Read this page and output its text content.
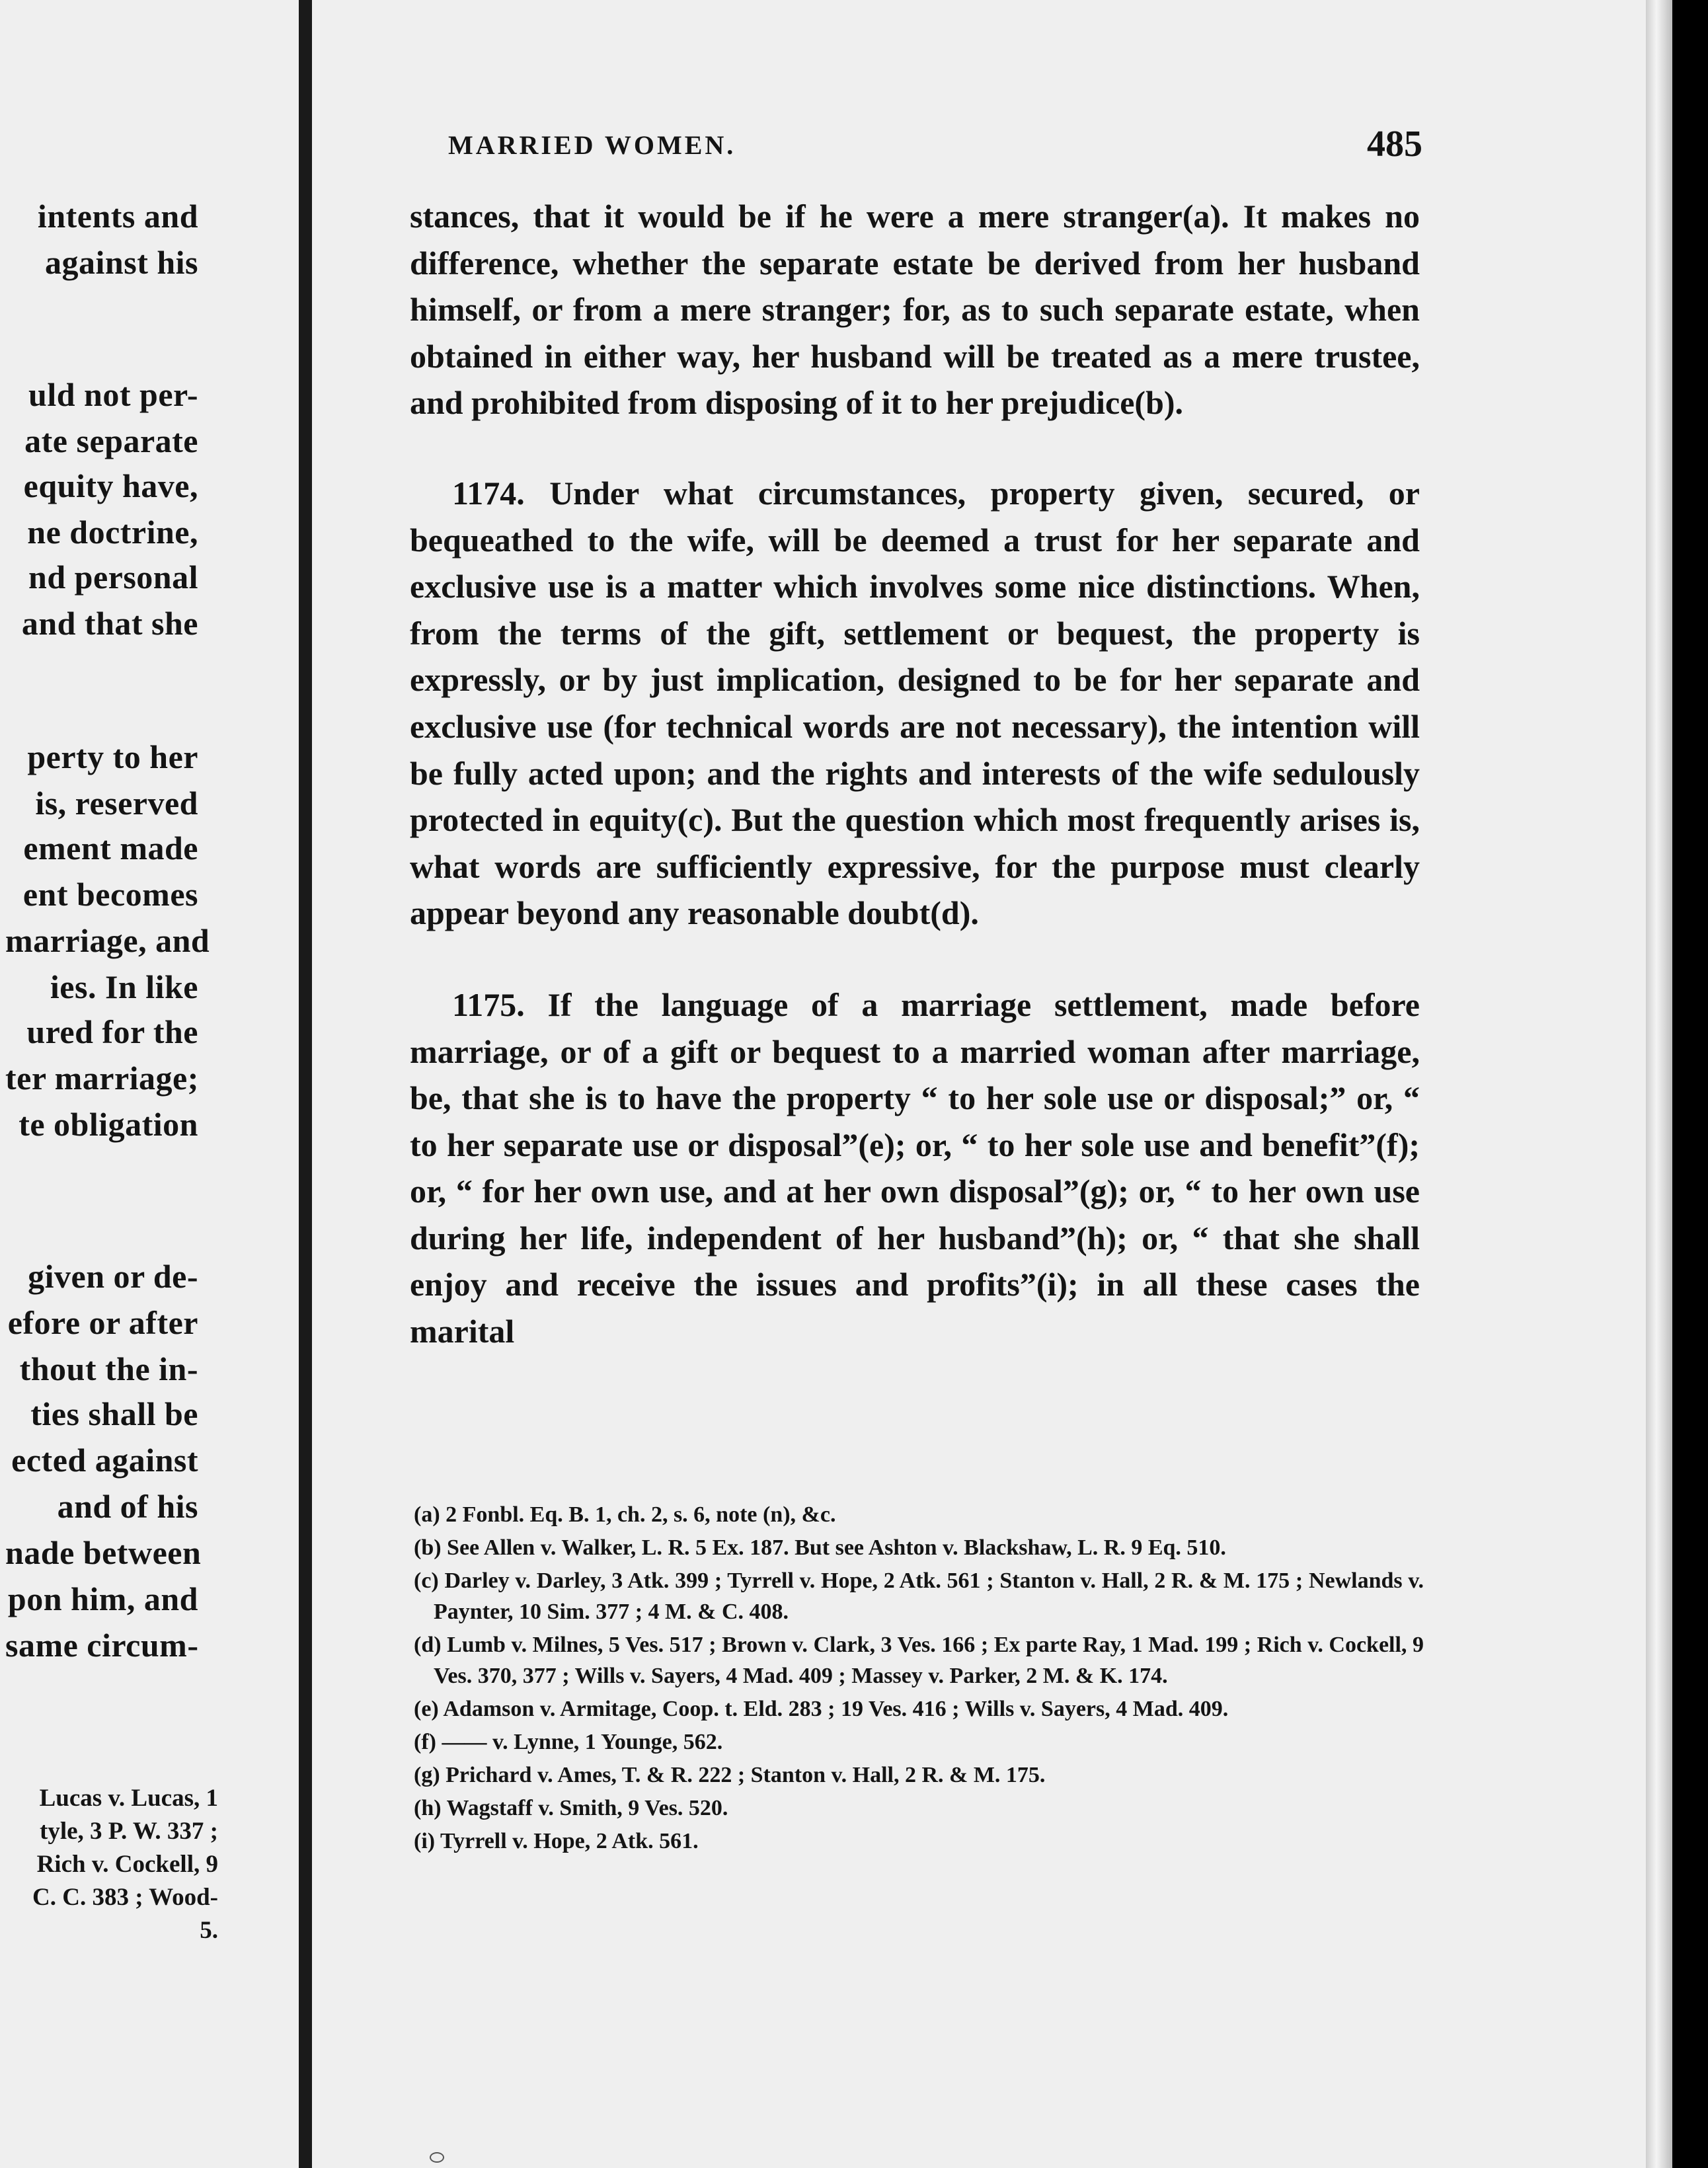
intents and
against his
uld not per-
ate separate
equity have,
ne doctrine,
nd personal
and that she
perty to her
is, reserved
ement made
ent becomes
marriage, and
ies. In like
ured for the
ter marriage;
te obligation
given or de-
efore or after
thout the in-
ties shall be
ected against
and of his
nade between
pon him, and
same circum-
Lucas v. Lucas, 1
tyle, 3 P. W. 337 ;
Rich v. Cockell, 9
C. C. 383 ; Wood-
5.
MARRIED WOMEN.	485

stances, that it would be if he were a mere stranger(a). It makes no difference, whether the separate estate be derived from her husband himself, or from a mere stranger; for, as to such separate estate, when obtained in either way, her husband will be treated as a mere trustee, and prohibited from disposing of it to her prejudice(b).

1174. Under what circumstances, property given, secured, or bequeathed to the wife, will be deemed a trust for her separate and exclusive use is a matter which involves some nice distinctions. When, from the terms of the gift, settlement or bequest, the property is expressly, or by just implication, designed to be for her separate and exclusive use (for technical words are not necessary), the intention will be fully acted upon; and the rights and interests of the wife sedulously protected in equity(c). But the question which most frequently arises is, what words are sufficiently expressive, for the purpose must clearly appear beyond any reasonable doubt(d).

1175. If the language of a marriage settlement, made before marriage, or of a gift or bequest to a married woman after marriage, be, that she is to have the property “ to her sole use or disposal;” or, “ to her separate use or disposal”(e); or, “ to her sole use and benefit”(f); or, “ for her own use, and at her own disposal”(g); or, “ to her own use during her life, independent of her husband”(h); or, “ that she shall enjoy and receive the issues and profits”(i); in all these cases the marital

(a) 2 Fonbl. Eq. B. 1, ch. 2, s. 6, note (n), &c.

(b) See Allen v. Walker, L. R. 5 Ex. 187. But see Ashton v. Blackshaw, L. R. 9 Eq. 510.

(c) Darley v. Darley, 3 Atk. 399 ; Tyrrell v. Hope, 2 Atk. 561 ; Stanton v. Hall, 2 R. & M. 175 ; Newlands v. Paynter, 10 Sim. 377 ; 4 M. & C. 408.

(d) Lumb v. Milnes, 5 Ves. 517 ; Brown v. Clark, 3 Ves. 166 ; Ex parte Ray, 1 Mad. 199 ; Rich v. Cockell, 9 Ves. 370, 377 ; Wills v. Sayers, 4 Mad. 409 ; Massey v. Parker, 2 M. & K. 174.

(e) Adamson v. Armitage, Coop. t. Eld. 283 ; 19 Ves. 416 ; Wills v. Sayers, 4 Mad. 409.

(f) —— v. Lynne, 1 Younge, 562.

(g) Prichard v. Ames, T. & R. 222 ; Stanton v. Hall, 2 R. & M. 175.

(h) Wagstaff v. Smith, 9 Ves. 520.

(i) Tyrrell v. Hope, 2 Atk. 561.
